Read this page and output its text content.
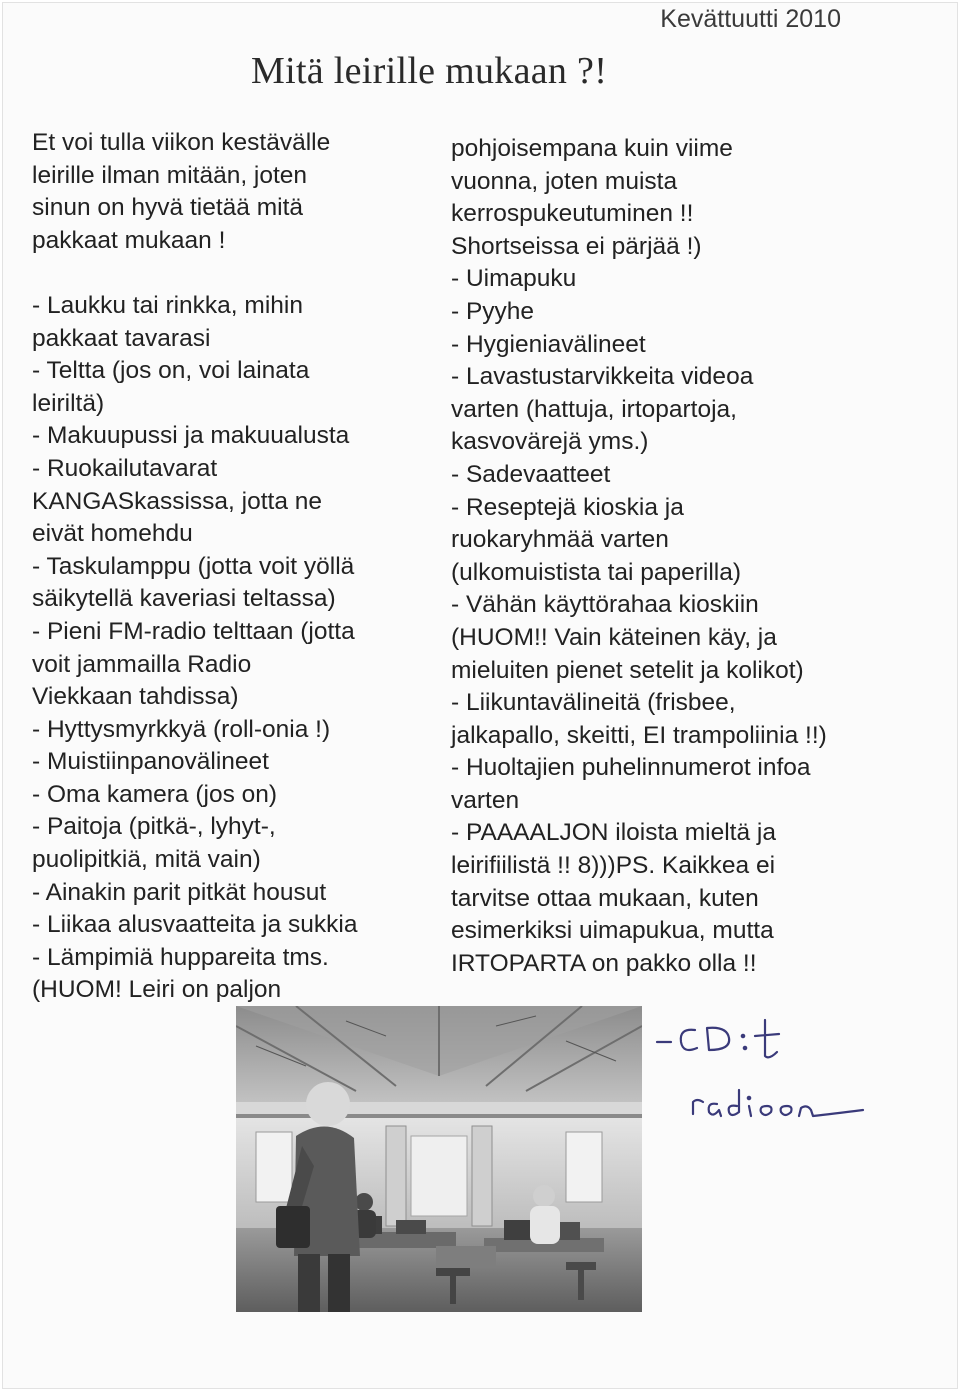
Kevättuutti 2010
Mitä leirille mukaan ?!
Et voi tulla viikon kestävälle
leirille ilman mitään, joten
sinun on hyvä tietää mitä
pakkaat mukaan !
- Laukku tai rinkka, mihin
pakkaat tavarasi
- Teltta (jos on, voi lainata
leiriltä)
- Makuupussi ja makuualusta
- Ruokailutavarat
KANGASkassissa, jotta ne
eivät homehdu
- Taskulamppu (jotta voit yöllä
säikytellä kaveriasi teltassa)
- Pieni FM-radio telttaan (jotta
voit jammailla Radio
Viekkaan tahdissa)
- Hyttysmyrkkyä (roll-onia !)
- Muistiinpanovälineet
- Oma kamera (jos on)
- Paitoja (pitkä-, lyhyt-,
puolipitkiä, mitä vain)
- Ainakin parit pitkät housut
- Liikaa alusvaatteita ja sukkia
- Lämpimiä huppareita tms.
(HUOM! Leiri on paljon
pohjoisempana kuin viime
vuonna, joten muista
kerrospukeutuminen !!
Shortseissa ei pärjää !)
- Uimapuku
- Pyyhe
- Hygieniavälineet
- Lavastustarvikkeita videoa
varten (hattuja, irtopartoja,
kasvovärejä yms.)
- Sadevaatteet
- Reseptejä kioskia ja
ruokaryhmää varten
(ulkomuistista tai paperilla)
- Vähän käyttörahaa kioskiin
(HUOM!! Vain käteinen käy, ja
mieluiten pienet setelit ja kolikot)
- Liikuntavälineitä (frisbee,
jalkapallo, skeitti, EI trampoliinia !!)
- Huoltajien puhelinnumerot infoa
varten
- PAAAALJON iloista mieltä ja
leirifiilistä !! 8)))PS. Kaikkea ei
tarvitse ottaa mukaan, kuten
esimerkiksi uimapukua, mutta
IRTOPARTA on pakko olla !!
